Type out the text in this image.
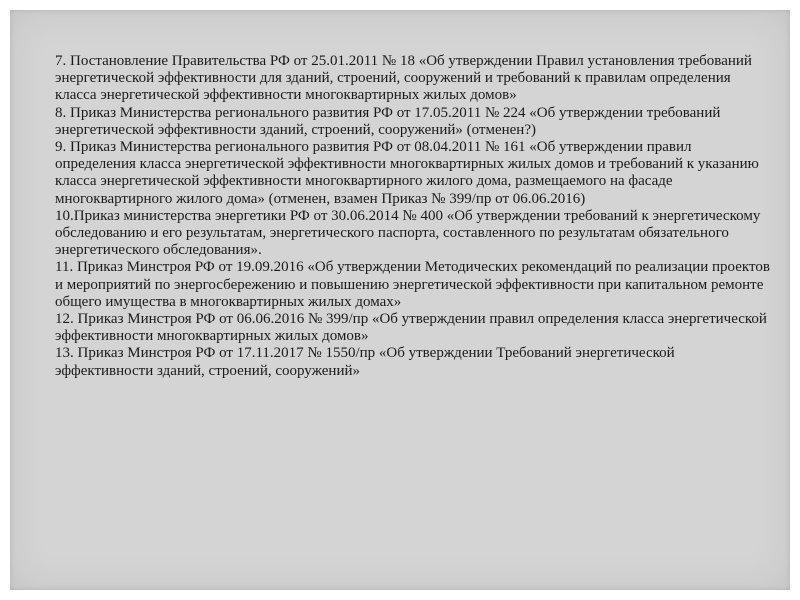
7. Постановление Правительства РФ от 25.01.2011 № 18 «Об утверждении Правил установления требований энергетической эффективности для зданий, строений, сооружений и требований к правилам определения класса энергетической эффективности многоквартирных жилых домов»

8. Приказ Министерства регионального развития РФ от 17.05.2011 № 224 «Об утверждении требований энергетической эффективности зданий, строений, сооружений» (отменен?)

9. Приказ Министерства регионального развития РФ от 08.04.2011 № 161 «Об утверждении правил определения класса энергетической эффективности многоквартирных жилых домов и требований к указанию класса энергетической эффективности многоквартирного жилого дома, размещаемого на фасаде многоквартирного жилого дома» (отменен, взамен Приказ № 399/пр от 06.06.2016)

10.Приказ министерства энергетики РФ от 30.06.2014 № 400 «Об утверждении требований к энергетическому обследованию и его результатам, энергетического паспорта, составленного по результатам обязательного энергетического обследования».

11. Приказ Минстроя РФ от 19.09.2016 «Об утверждении Методических рекомендаций по реализации проектов и мероприятий по энергосбережению и повышению энергетической эффективности при капитальном ремонте общего имущества в многоквартирных жилых домах»

12. Приказ Минстроя РФ от 06.06.2016 № 399/пр «Об утверждении правил определения класса энергетической эффективности многоквартирных жилых домов»

13. Приказ Минстроя РФ от 17.11.2017 № 1550/пр «Об утверждении Требований энергетической эффективности зданий, строений, сооружений»
